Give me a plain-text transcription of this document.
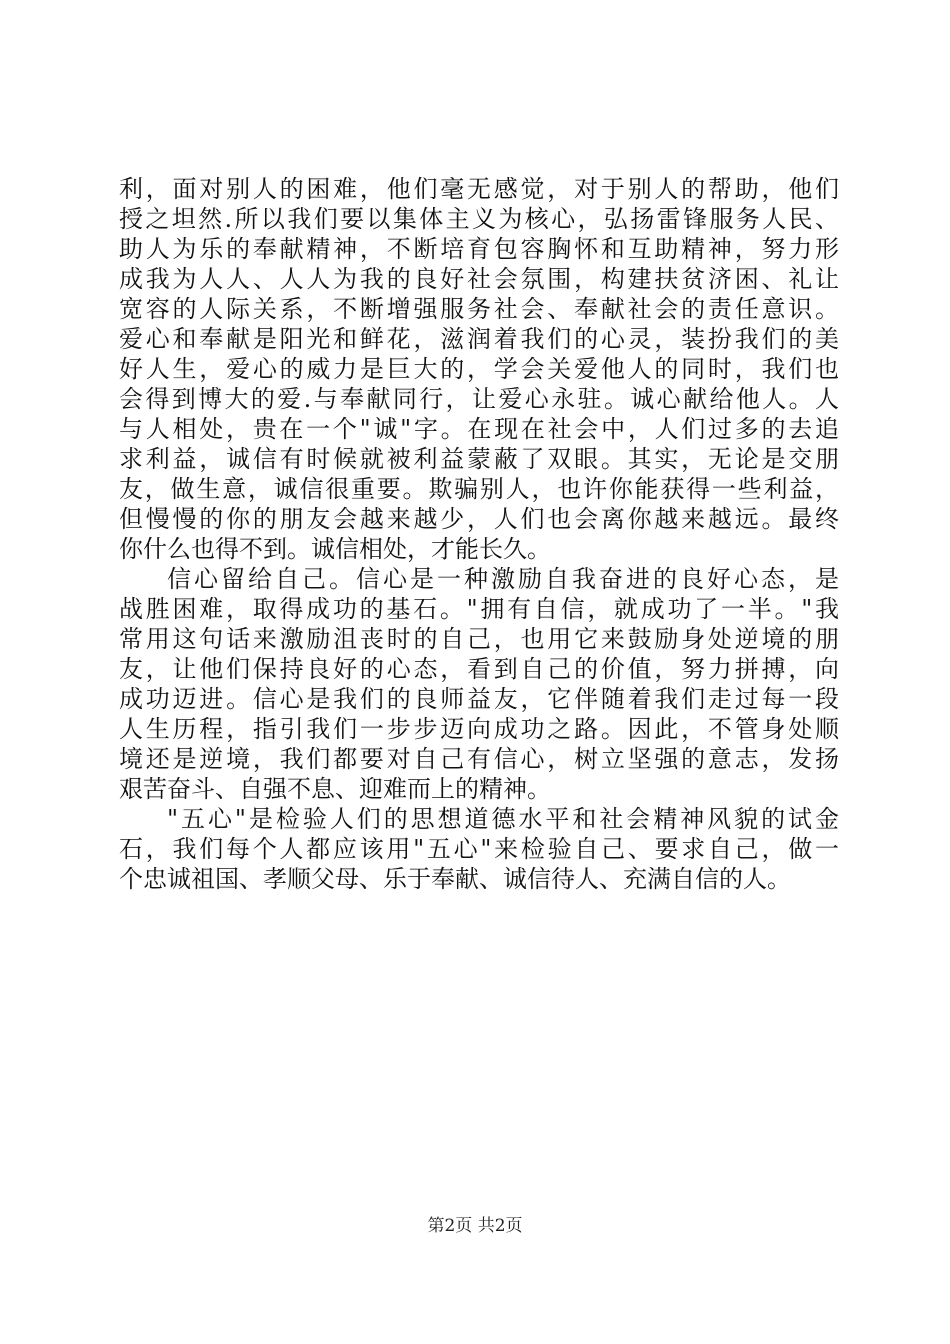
利，面对别人的困难，他们毫无感觉，对于别人的帮助，他们
授之坦然.所以我们要以集体主义为核心，弘扬雷锋服务人民、
助人为乐的奉献精神，不断培育包容胸怀和互助精神，努力形
成我为人人、人人为我的良好社会氛围，构建扶贫济困、礼让
宽容的人际关系，不断增强服务社会、奉献社会的责任意识。
爱心和奉献是阳光和鲜花，滋润着我们的心灵，装扮我们的美
好人生，爱心的威力是巨大的，学会关爱他人的同时，我们也
会得到博大的爱.与奉献同行，让爱心永驻。诚心献给他人。人
与人相处，贵在一个"诚"字。在现在社会中，人们过多的去追
求利益，诚信有时候就被利益蒙蔽了双眼。其实，无论是交朋
友，做生意，诚信很重要。欺骗别人，也许你能获得一些利益，
但慢慢的你的朋友会越来越少，人们也会离你越来越远。最终
你什么也得不到。诚信相处，才能长久。
信心留给自己。信心是一种激励自我奋进的良好心态，是
战胜困难，取得成功的基石。"拥有自信，就成功了一半。"我
常用这句话来激励沮丧时的自己，也用它来鼓励身处逆境的朋
友，让他们保持良好的心态，看到自己的价值，努力拼搏，向
成功迈进。信心是我们的良师益友，它伴随着我们走过每一段
人生历程，指引我们一步步迈向成功之路。因此，不管身处顺
境还是逆境，我们都要对自己有信心，树立坚强的意志，发扬
艰苦奋斗、自强不息、迎难而上的精神。
"五心"是检验人们的思想道德水平和社会精神风貌的试金
石，我们每个人都应该用"五心"来检验自己、要求自己，做一
个忠诚祖国、孝顺父母、乐于奉献、诚信待人、充满自信的人。
第2页 共2页
